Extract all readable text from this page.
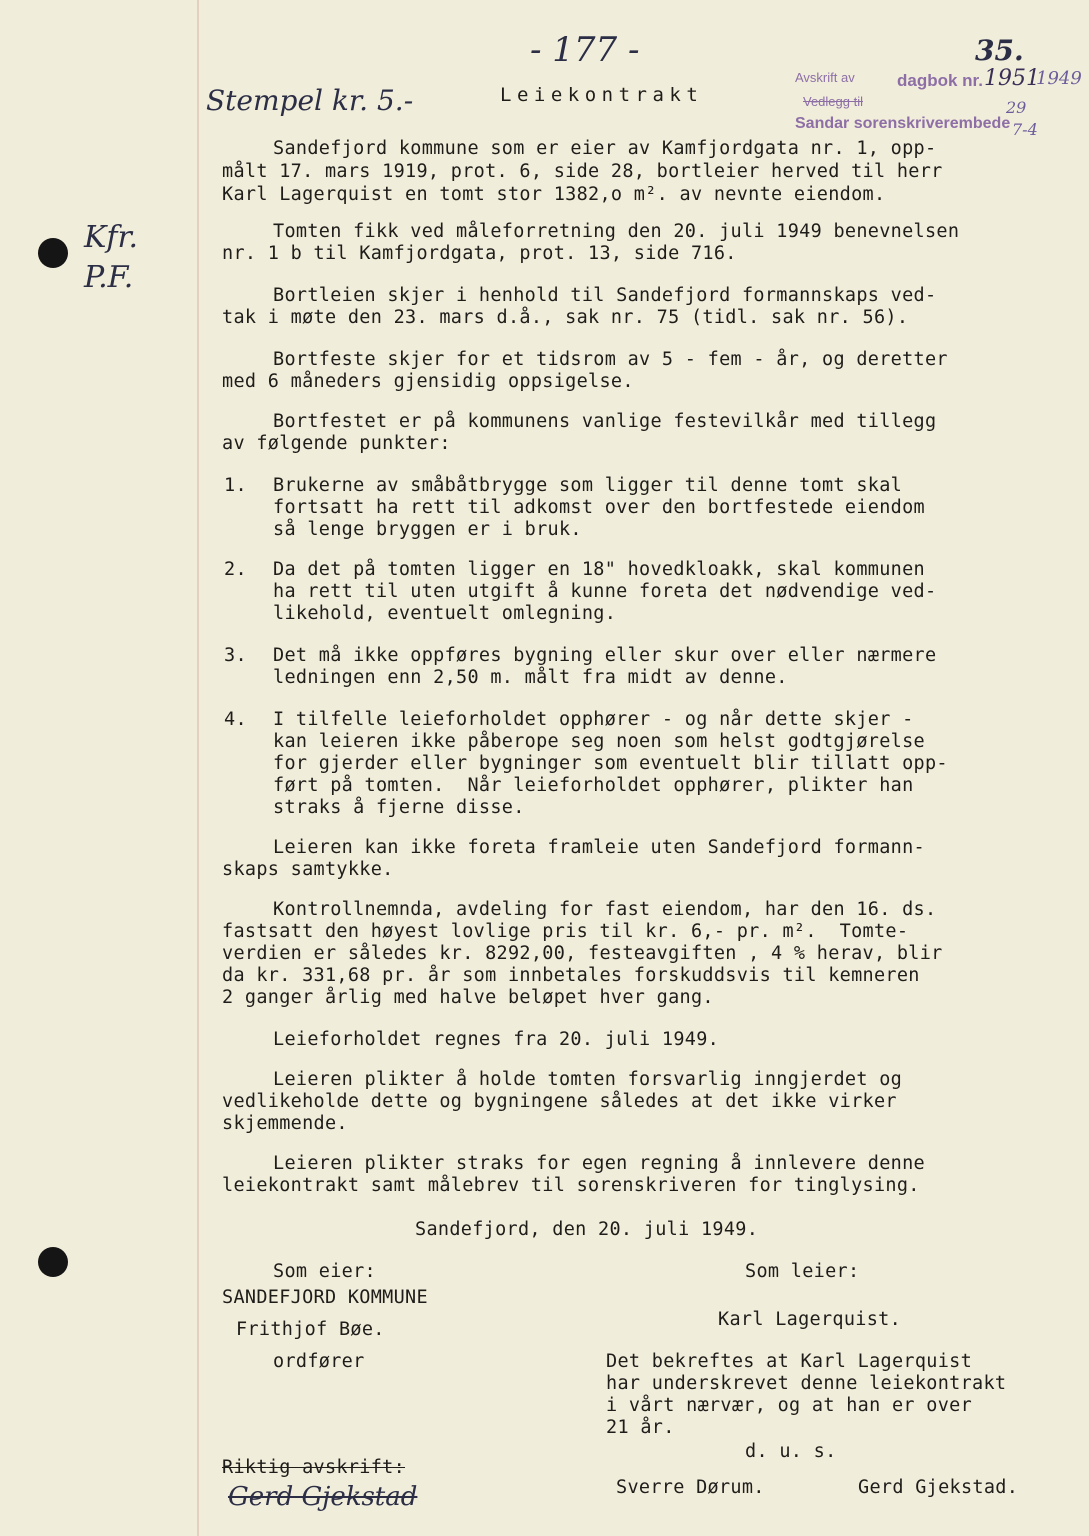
- 177 -	35.
Leiekontrakt
Avskrift av dagbok nr. 1951
1949
Vedlegg til
Sandar sorenskriverembede
29
7-4
Stempel kr. 5.-
Kfr. P.F.
Sandefjord kommune som er eier av Kamfjordgata nr. 1, opp-
målt 17. mars 1919, prot. 6, side 28, bortleier herved til herr
Karl Lagerquist en tomt stor 1382,o m². av nevnte eiendom.
Tomten fikk ved måleforretning den 20. juli 1949 benevnelsen
nr. 1 b til Kamfjordgata, prot. 13, side 716.
Bortleien skjer i henhold til Sandefjord formannskaps ved-
tak i møte den 23. mars d.å., sak nr. 75 (tidl. sak nr. 56).
Bortfeste skjer for et tidsrom av 5 - fem - år, og deretter
med 6 måneders gjensidig oppsigelse.
Bortfestet er på kommunens vanlige festevilkår med tillegg
av følgende punkter:
1. Brukerne av småbåtbrygge som ligger til denne tomt skal
fortsatt ha rett til adkomst over den bortfestede eiendom
så lenge bryggen er i bruk.
2. Da det på tomten ligger en 18" hovedkloakk, skal kommunen
ha rett til uten utgift å kunne foreta det nødvendige ved-
likehold, eventuelt omlegning.
3. Det må ikke oppføres bygning eller skur over eller nærmere
ledningen enn 2,50 m. målt fra midt av denne.
4. I tilfelle leieforholdet opphører - og når dette skjer -
kan leieren ikke påberope seg noen som helst godtgjørelse
for gjerder eller bygninger som eventuelt blir tillatt opp-
ført på tomten.  Når leieforholdet opphører, plikter han
straks å fjerne disse.
Leieren kan ikke foreta framleie uten Sandefjord formann-
skaps samtykke.
Kontrollnemnda, avdeling for fast eiendom, har den 16. ds.
fastsatt den høyest lovlige pris til kr. 6,- pr. m².  Tomte-
verdien er således kr. 8292,00, festeavgiften , 4 % herav, blir
da kr. 331,68 pr. år som innbetales forskuddsvis til kemneren
2 ganger årlig med halve beløpet hver gang.
Leieforholdet regnes fra 20. juli 1949.
Leieren plikter å holde tomten forsvarlig inngjerdet og
vedlikeholde dette og bygningene således at det ikke virker
skjemmende.
Leieren plikter straks for egen regning å innlevere denne
leiekontrakt samt målebrev til sorenskriveren for tinglysing.
Sandefjord, den 20. juli 1949.
Som eier:
SANDEFJORD KOMMUNE
Frithjof Bøe.
ordfører
Som leier:
Karl Lagerquist.
Det bekreftes at Karl Lagerquist
har underskrevet denne leiekontrakt
i vårt nærvær, og at han er over
21 år.
d. u. s.
Sverre Dørum.	Gerd Gjekstad.
Riktig avskrift:
Gerd Gjekstad
